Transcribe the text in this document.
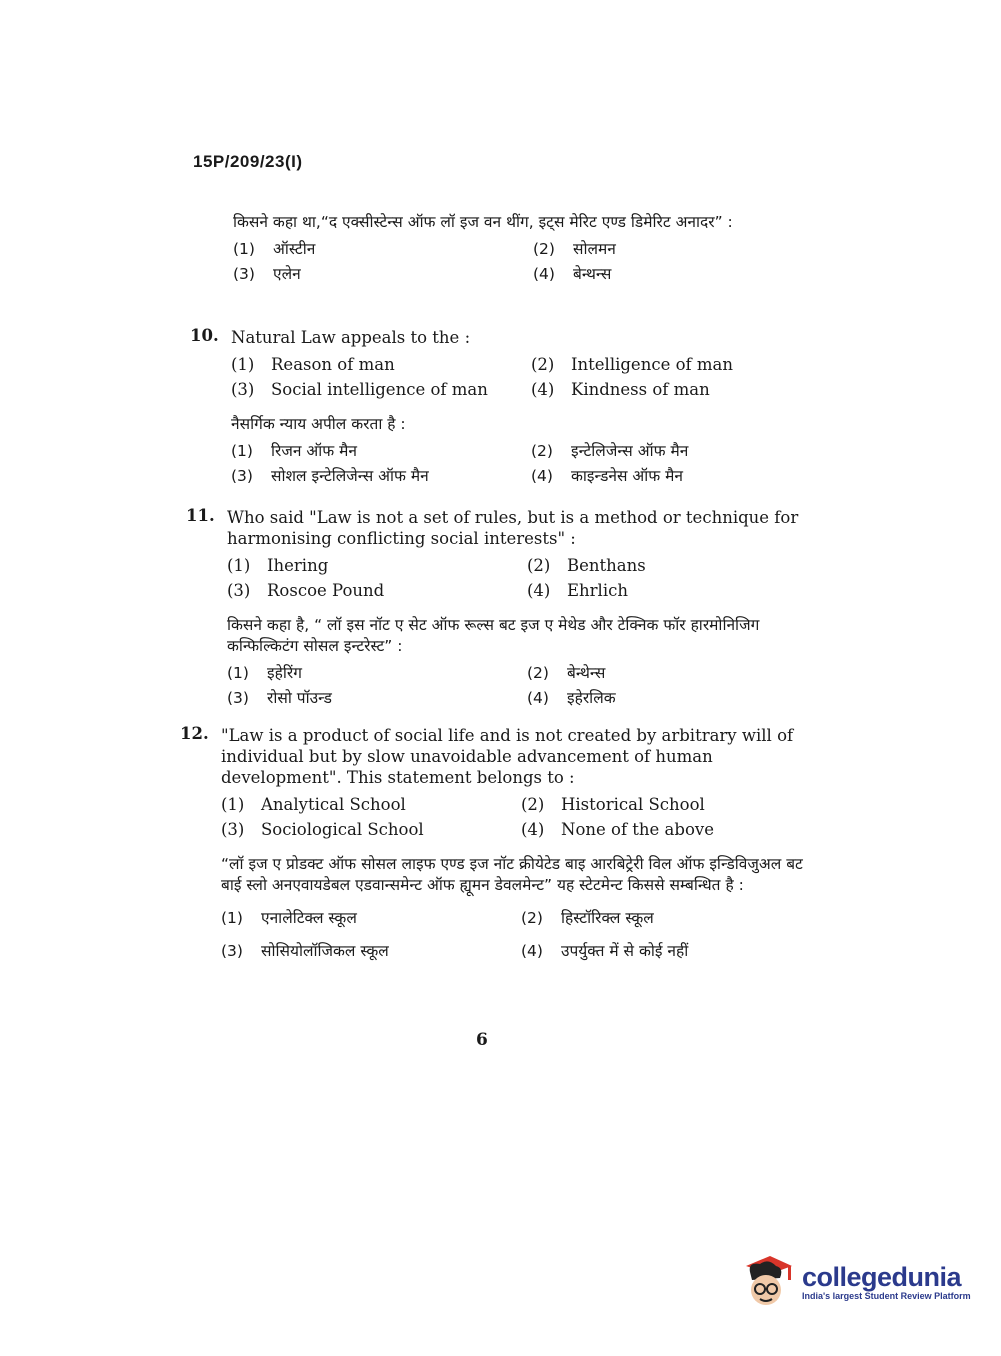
15P/209/23(I)

किसने कहा था,“द एक्सीस्टेन्स ऑफ लॉ इज वन थींग, इट्स मेरिट एण्ड डिमेरिट अनादर” :

(1) ऑस्टीन	(2) सोलमन
(3) एलेन	(4) बेन्थन्स
10. Natural Law appeals to the :

(1) Reason of man	(2) Intelligence of man
(3) Social intelligence of man	(4) Kindness of man

नैसर्गिक न्याय अपील करता है :

(1) रिजन ऑफ मैन	(2) इन्टेलिजेन्स ऑफ मैन
(3) सोशल इन्टेलिजेन्स ऑफ मैन	(4) काइन्डनेस ऑफ मैन
11. Who said "Law is not a set of rules, but is a method or technique for harmonising conflicting social interests" :

(1) Ihering	(2) Benthans
(3) Roscoe Pound	(4) Ehrlich

किसने कहा है, “ लॉ इस नॉट ए सेट ऑफ रूल्स बट इज ए मेथेड और टेक्निक फॉर हारमोनिजिग कन्फिल्किटंग सोसल इन्टरेस्ट” :

(1) इहेरिंग	(2) बेन्थेन्स
(3) रोसो पॉउन्ड	(4) इहेरलिक
12. "Law is a product of social life and is not created by arbitrary will of individual but by slow unavoidable advancement of human development". This statement belongs to :

(1) Analytical School	(2) Historical School
(3) Sociological School	(4) None of the above

“लॉ इज ए प्रोडक्ट ऑफ सोसल लाइफ एण्ड इज नॉट क्रीयेटेड बाइ आरबिट्रेरी विल ऑफ इन्डिविजुअल बट बाई स्लो अनएवायडेबल एडवान्समेन्ट ऑफ ह्यूमन डेवलमेन्ट” यह स्टेटमेन्ट किससे सम्बन्धित है :

(1) एनालेटिक्ल स्कूल	(2) हिस्टॉरिक्ल स्कूल
(3) सोसियोलॉजिकल स्कूल	(4) उपर्युक्त में से कोई नहीं
6
collegedunia
India's largest Student Review Platform
